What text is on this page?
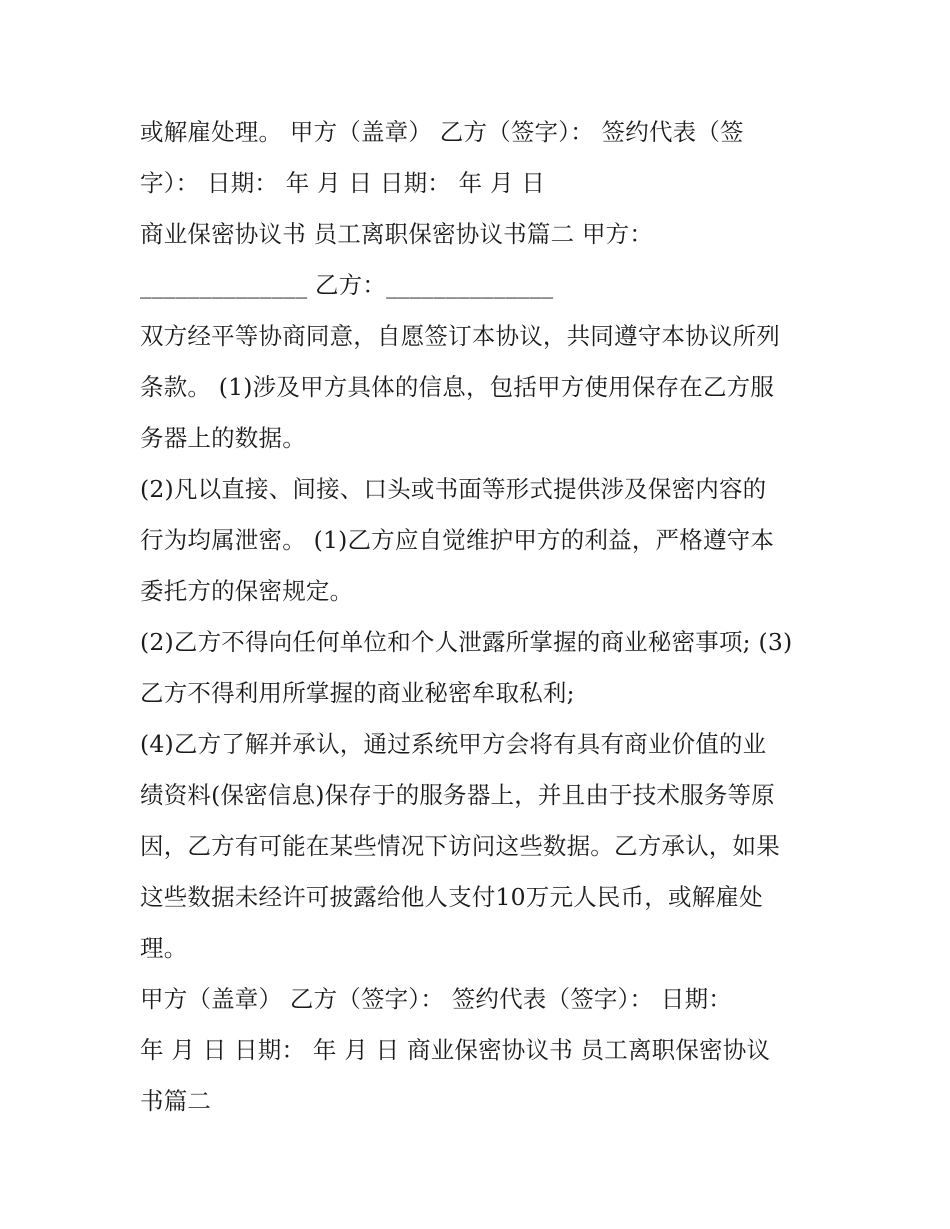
或解雇处理。 甲方（盖章） 乙方（签字）： 签约代表（签
字）： 日期： 年 月 日 日期： 年 月 日
商业保密协议书 员工离职保密协议书篇二 甲方：
______________ 乙方：______________
双方经平等协商同意，自愿签订本协议，共同遵守本协议所列
条款。 (1)涉及甲方具体的信息，包括甲方使用保存在乙方服
务器上的数据。
(2)凡以直接、间接、口头或书面等形式提供涉及保密内容的
行为均属泄密。 (1)乙方应自觉维护甲方的利益，严格遵守本
委托方的保密规定。
(2)乙方不得向任何单位和个人泄露所掌握的商业秘密事项; (3)
乙方不得利用所掌握的商业秘密牟取私利;
(4)乙方了解并承认，通过系统甲方会将有具有商业价值的业
绩资料(保密信息)保存于的服务器上，并且由于技术服务等原
因，乙方有可能在某些情况下访问这些数据。乙方承认，如果
这些数据未经许可披露给他人支付10万元人民币，或解雇处
理。
甲方（盖章） 乙方（签字）： 签约代表（签字）： 日期：
年 月 日 日期： 年 月 日 商业保密协议书 员工离职保密协议
书篇二
